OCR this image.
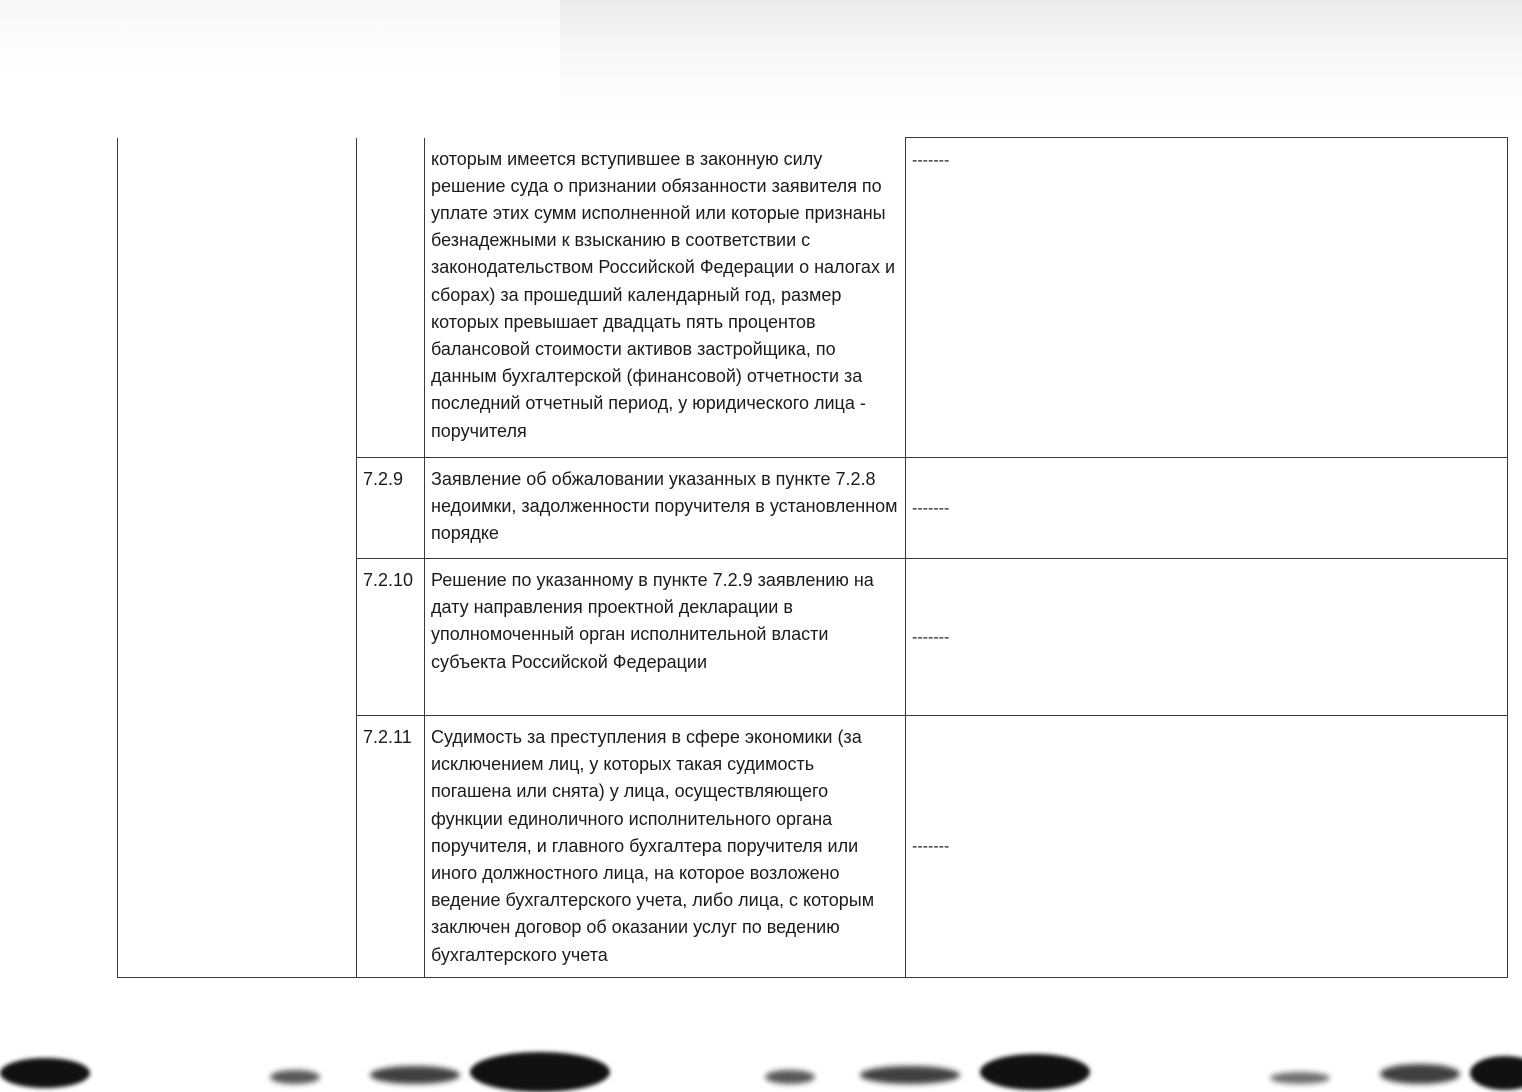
		которым имеется вступившее в законную силу решение суда о признании обязанности заявителя по уплате этих сумм исполненной или которые признаны безнадежными к взысканию в соответствии с законодательством Российской Федерации о налогах и сборах) за прошедший календарный год, размер которых превышает двадцать пять процентов балансовой стоимости активов застройщика, по данным бухгалтерской (финансовой) отчетности за последний отчетный период, у юридического лица - поручителя	-------
	7.2.9	Заявление об обжаловании указанных в пункте 7.2.8 недоимки, задолженности поручителя в установленном порядке	-------
	7.2.10	Решение по указанному в пункте 7.2.9 заявлению на дату направления проектной декларации в уполномоченный орган исполнительной власти субъекта Российской Федерации	-------
	7.2.11	Судимость за преступления в сфере экономики (за исключением лиц, у которых такая судимость погашена или снята) у лица, осуществляющего функции единоличного исполнительного органа поручителя, и главного бухгалтера поручителя или иного должностного лица, на которое возложено ведение бухгалтерского учета, либо лица, с которым заключен договор об оказании услуг по ведению бухгалтерского учета	-------
